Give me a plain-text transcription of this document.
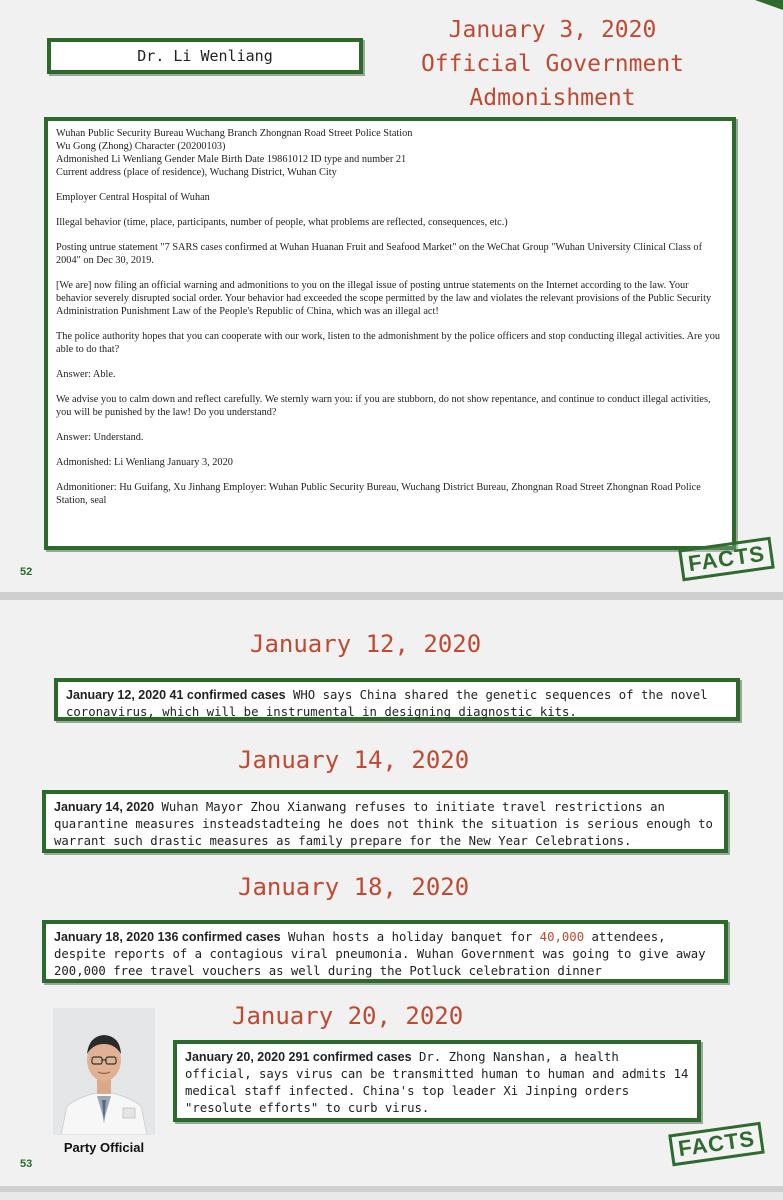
Dr. Li Wenliang
January 3, 2020
Official Government
Admonishment
Wuhan Public Security Bureau Wuchang Branch Zhongnan Road Street Police Station
Wu Gong (Zhong) Character (20200103)
Admonished Li Wenliang Gender Male Birth Date 19861012 ID type and number 21
Current address (place of residence), Wuchang District, Wuhan City

Employer Central Hospital of Wuhan

Illegal behavior (time, place, participants, number of people, what problems are reflected, consequences, etc.)

Posting untrue statement "7 SARS cases confirmed at Wuhan Huanan Fruit and Seafood Market" on the WeChat Group "Wuhan University Clinical Class of 2004" on Dec 30, 2019.

[We are] now filing an official warning and admonitions to you on the illegal issue of posting untrue statements on the Internet according to the law. Your behavior severely disrupted social order. Your behavior had exceeded the scope permitted by the law and violates the relevant provisions of the Public Security Administration Punishment Law of the People's Republic of China, which was an illegal act!

The police authority hopes that you can cooperate with our work, listen to the admonishment by the police officers and stop conducting illegal activities. Are you able to do that?

Answer: Able.

We advise you to calm down and reflect carefully. We sternly warn you: if you are stubborn, do not show repentance, and continue to conduct illegal activities, you will be punished by the law! Do you understand?

Answer: Understand.

Admonished: Li Wenliang January 3, 2020

Admonitioner: Hu Guifang, Xu Jinhang Employer: Wuhan Public Security Bureau, Wuchang District Bureau, Zhongnan Road Street Zhongnan Road Police Station, seal

52	FACTS
January 12, 2020
January 12, 2020 41 confirmed cases WHO says China shared the genetic sequences of the novel coronavirus, which will be instrumental in designing diagnostic kits.
January 14, 2020
January 14, 2020 Wuhan Mayor Zhou Xianwang refuses to initiate travel restrictions an quarantine measures insteadstadteing he does not think the situation is serious enough to warrant such drastic measures as family prepare for the New Year Celebrations.
January 18, 2020
January 18, 2020 136 confirmed cases Wuhan hosts a holiday banquet for 40,000 attendees, despite reports of a contagious viral pneumonia. Wuhan Government was going to give away 200,000 free travel vouchers as well during the Potluck celebration dinner
January 20, 2020
January 20, 2020 291 confirmed cases Dr. Zhong Nanshan, a health official, says virus can be transmitted human to human and admits 14 medical staff infected. China's top leader Xi Jinping orders "resolute efforts" to curb virus.
Party Official
53
FACTS
